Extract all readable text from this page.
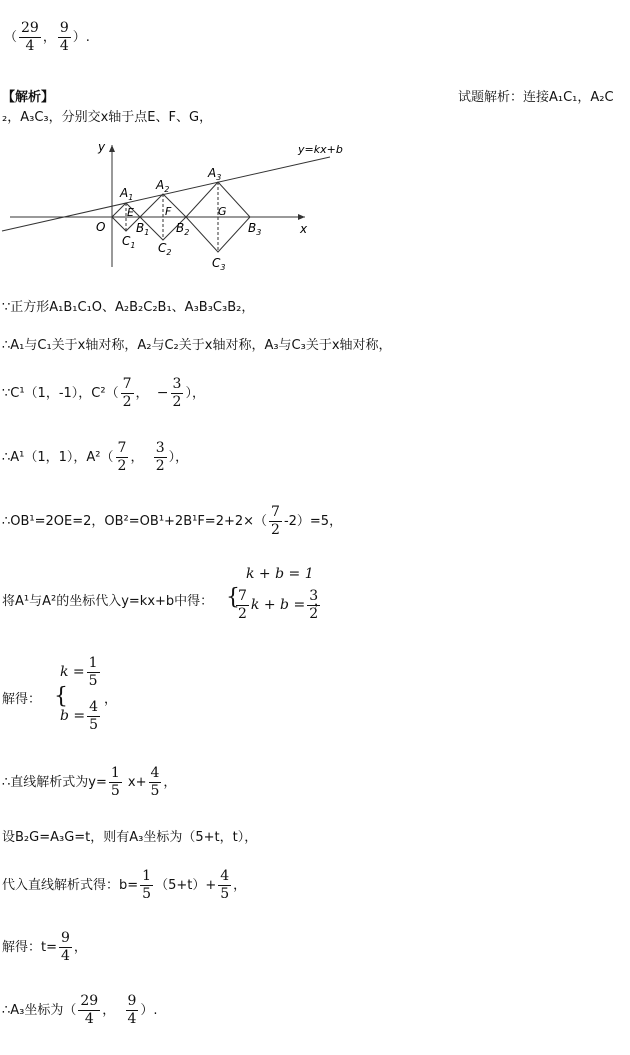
（ $\frac{29}{4}$ ， $\frac{9}{4}$ ）.
【解析】	试题解析：连接A₁C₁，A₂C
₂，A₃C₃，分别交x轴于点E、F、G，
y
x
O
y=kx+b
$A_1$
$A_2$
$A_3$
$B_1$ $B_2$	$B_3$
$C_1$ $C_2$
$C_3$
E	F	G
∵正方形A₁B₁C₁O、A₂B₂C₂B₁、A₃B₃C₃B₂，
∴A₁与C₁关于x轴对称，A₂与C₂关于x轴对称，A₃与C₃关于x轴对称，
∵C¹（1，-1），$C^2( \frac{7}{2}$ ， − $\frac{3}{2}$ ），
∴A¹（1，1），$A^2( \frac{7}{2}$ ， $\frac{3}{2}$ ），
∴OB¹=2OE=2，$OB^2=OB^1+2B^1F=2+2\times( \frac{7}{2} -2)=5$，
将A¹与A²的坐标代入y=kx+b中得：
k + b = 1
{
$\frac{7}{2}$ $k + b = \frac{3}{2}$
，
解得： {
$k = \frac{1}{5}$
$b = \frac{4}{5}$ ，
∴直线解析式为$y= \frac{1}{5} x+ \frac{4}{5}$ ，
设B₂G=A₃G=t，则有A₃坐标为（5+t，t），
代入直线解析式得：$b= \frac{1}{5} (5+t)+ \frac{4}{5}$ ，
解得：$t= \frac{9}{4}$ ，
∴A₃坐标为（ $\frac{29}{4}$ ， $\frac{9}{4}$ ）.
